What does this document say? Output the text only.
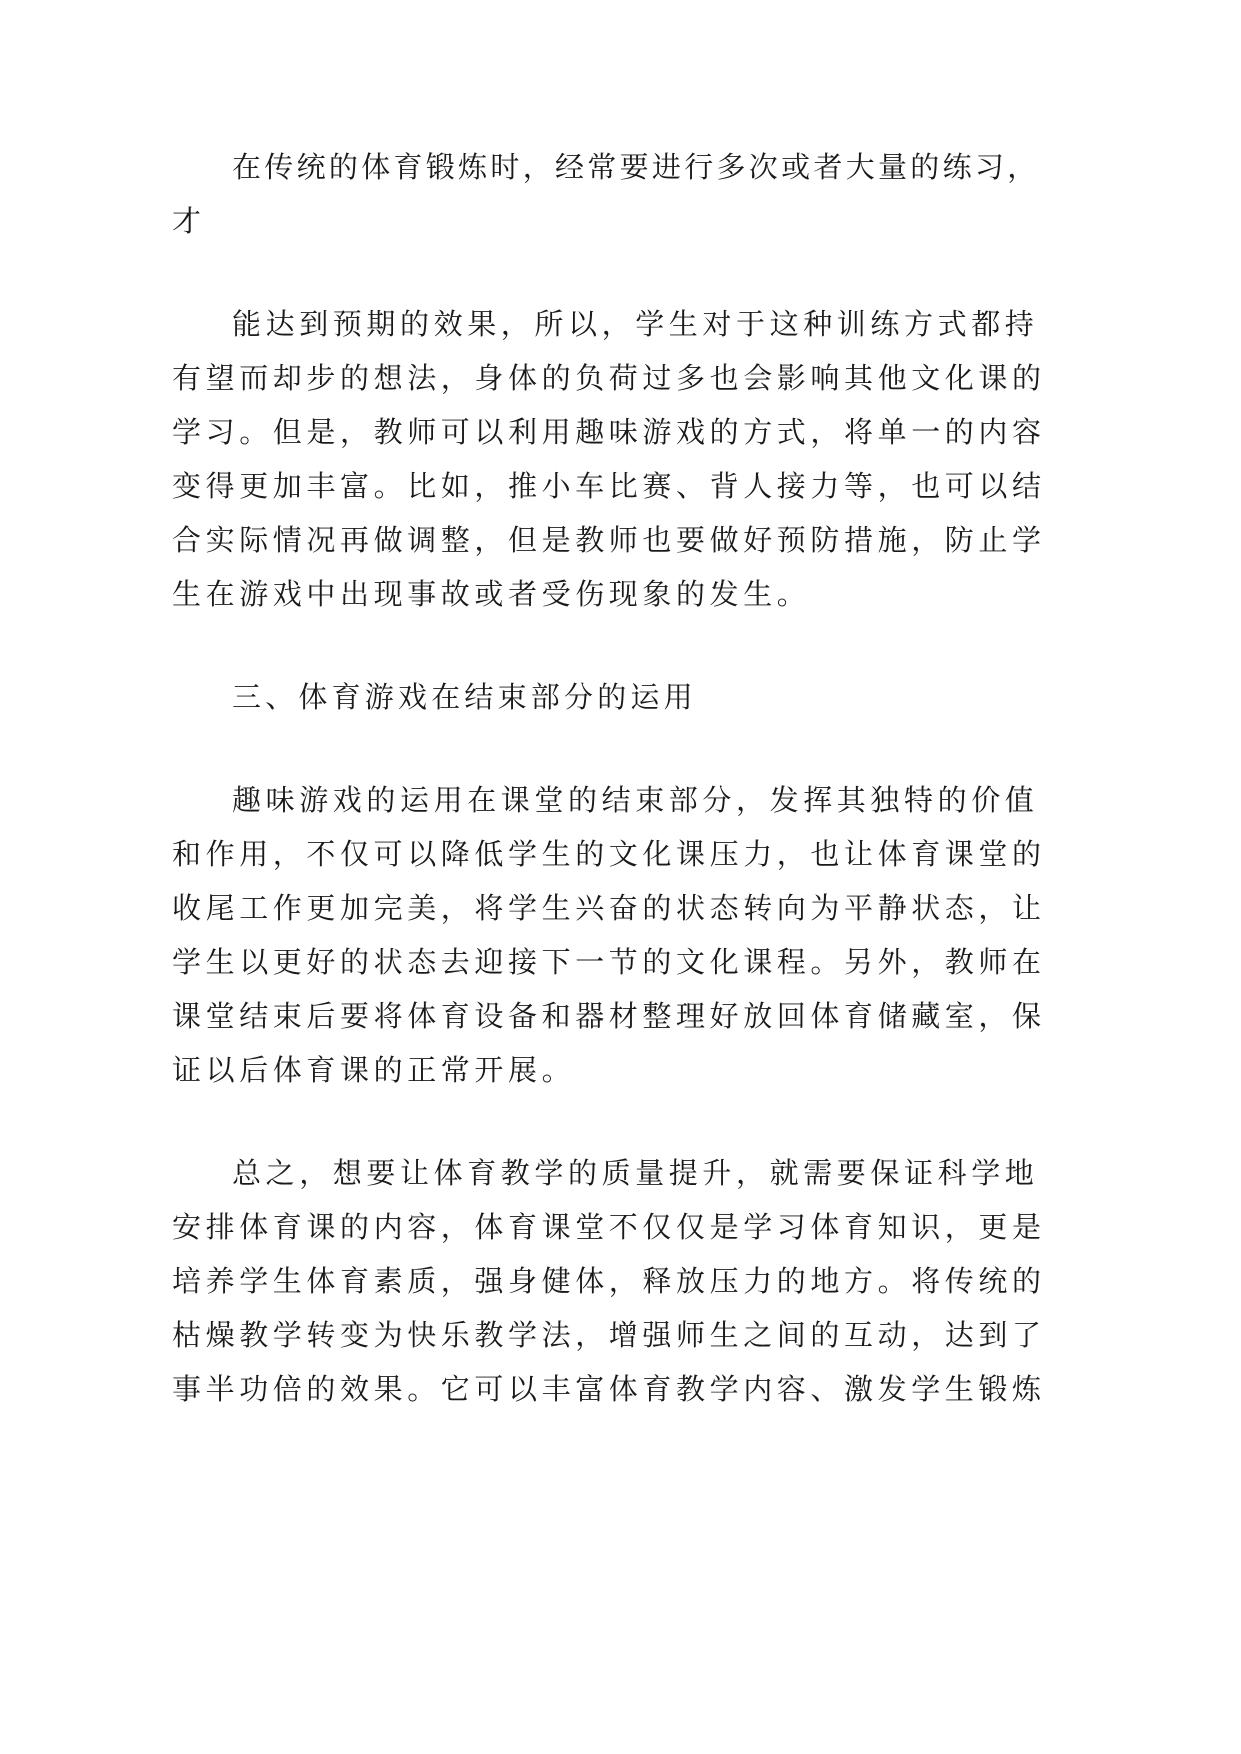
在传统的体育锻炼时，经常要进行多次或者大量的练习，
才
能达到预期的效果，所以，学生对于这种训练方式都持
有望而却步的想法，身体的负荷过多也会影响其他文化课的
学习。但是，教师可以利用趣味游戏的方式，将单一的内容
变得更加丰富。比如，推小车比赛、背人接力等，也可以结
合实际情况再做调整，但是教师也要做好预防措施，防止学
生在游戏中出现事故或者受伤现象的发生。
三、体育游戏在结束部分的运用
趣味游戏的运用在课堂的结束部分，发挥其独特的价值
和作用，不仅可以降低学生的文化课压力，也让体育课堂的
收尾工作更加完美，将学生兴奋的状态转向为平静状态，让
学生以更好的状态去迎接下一节的文化课程。另外，教师在
课堂结束后要将体育设备和器材整理好放回体育储藏室，保
证以后体育课的正常开展。
总之，想要让体育教学的质量提升，就需要保证科学地
安排体育课的内容，体育课堂不仅仅是学习体育知识，更是
培养学生体育素质，强身健体，释放压力的地方。将传统的
枯燥教学转变为快乐教学法，增强师生之间的互动，达到了
事半功倍的效果。它可以丰富体育教学内容、激发学生锻炼
